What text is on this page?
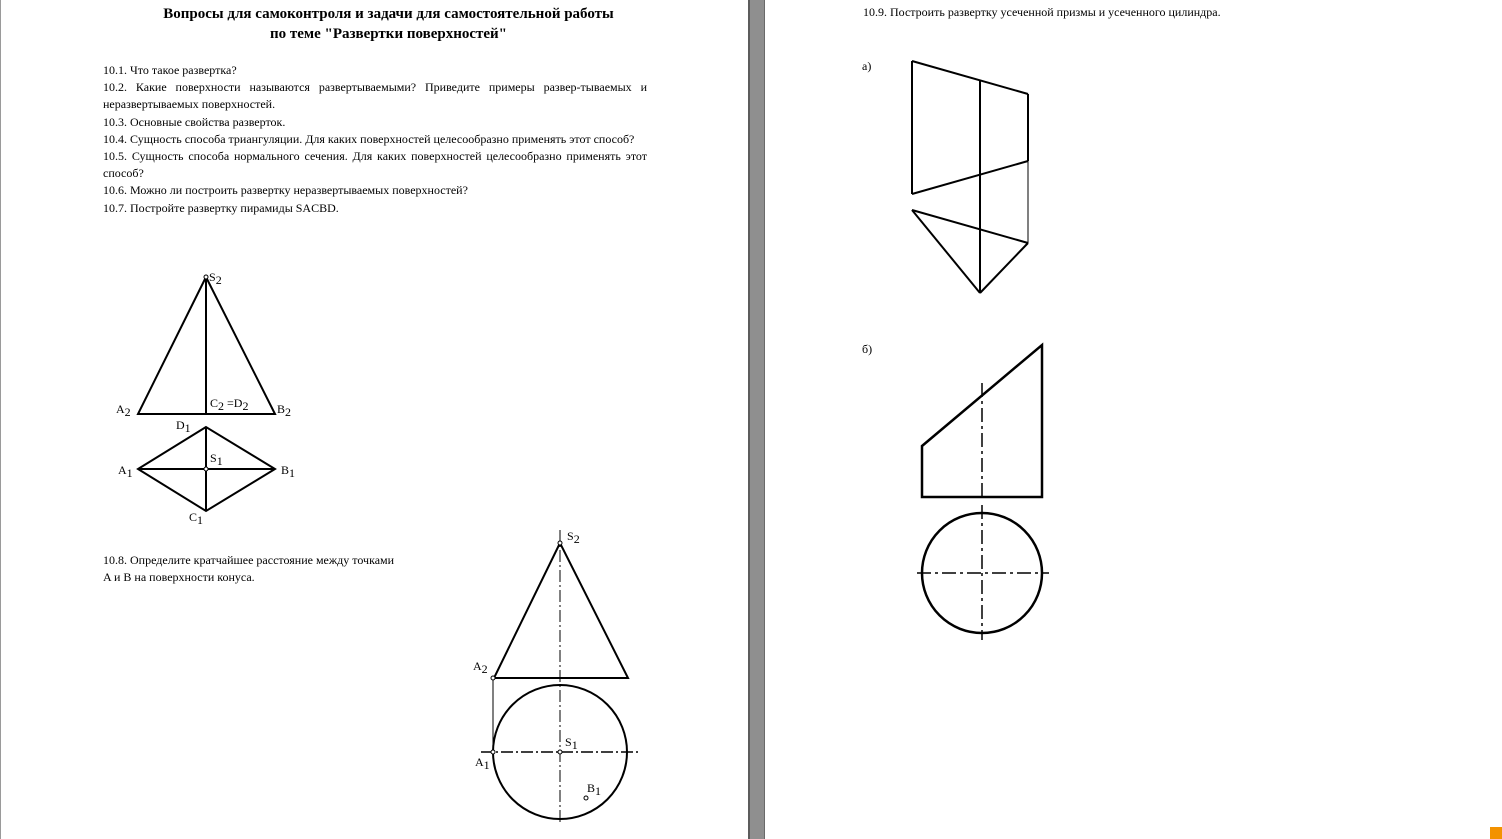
Вопросы для самоконтроля и задачи для самостоятельной работы
по теме "Развертки поверхностей"
10.1. Что такое развертка?
10.2. Какие поверхности называются развертываемыми? Приведите примеры развер-тываемых и неразвертываемых поверхностей.
10.3. Основные свойства разверток.
10.4. Сущность способа триангуляции. Для каких поверхностей целесообразно применять этот способ?
10.5. Сущность способа нормального сечения. Для каких поверхностей целесообразно применять этот способ?
10.6. Можно ли построить развертку неразвертываемых поверхностей?
10.7. Постройте развертку пирамиды SACBD.
10.8. Определите кратчайшее расстояние между точками A и B на поверхности конуса.
S2
A2	B2
C2 =D2
D1
A1
S1
B1
C1
S2
A2
S1
A1
B1
10.9. Построить развертку усеченной призмы и усеченного цилиндра.
а)
б)
